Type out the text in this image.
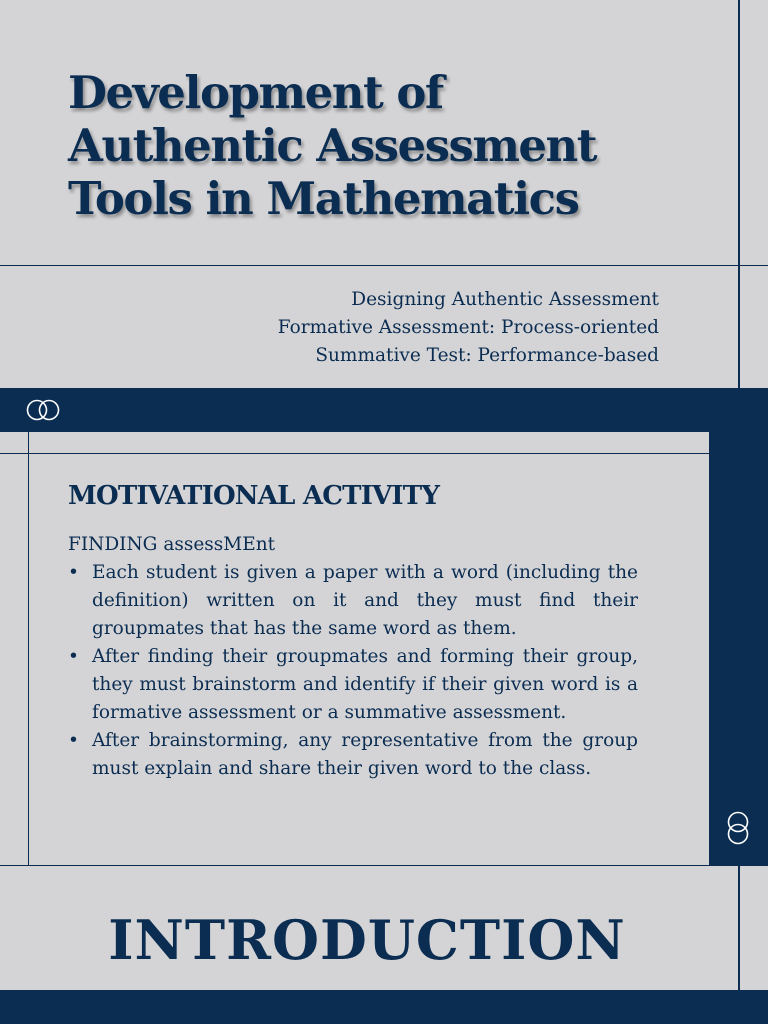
Development of
Authentic Assessment
Tools in Mathematics
Designing Authentic Assessment
Formative Assessment: Process-oriented
Summative Test: Performance-based
MOTIVATIONAL ACTIVITY
FINDING assessMEnt
• Each student is given a paper with a word (including the definition) written on it and they must find their groupmates that has the same word as them.
• After finding their groupmates and forming their group, they must brainstorm and identify if their given word is a formative assessment or a summative assessment.
• After brainstorming, any representative from the group must explain and share their given word to the class.
INTRODUCTION
